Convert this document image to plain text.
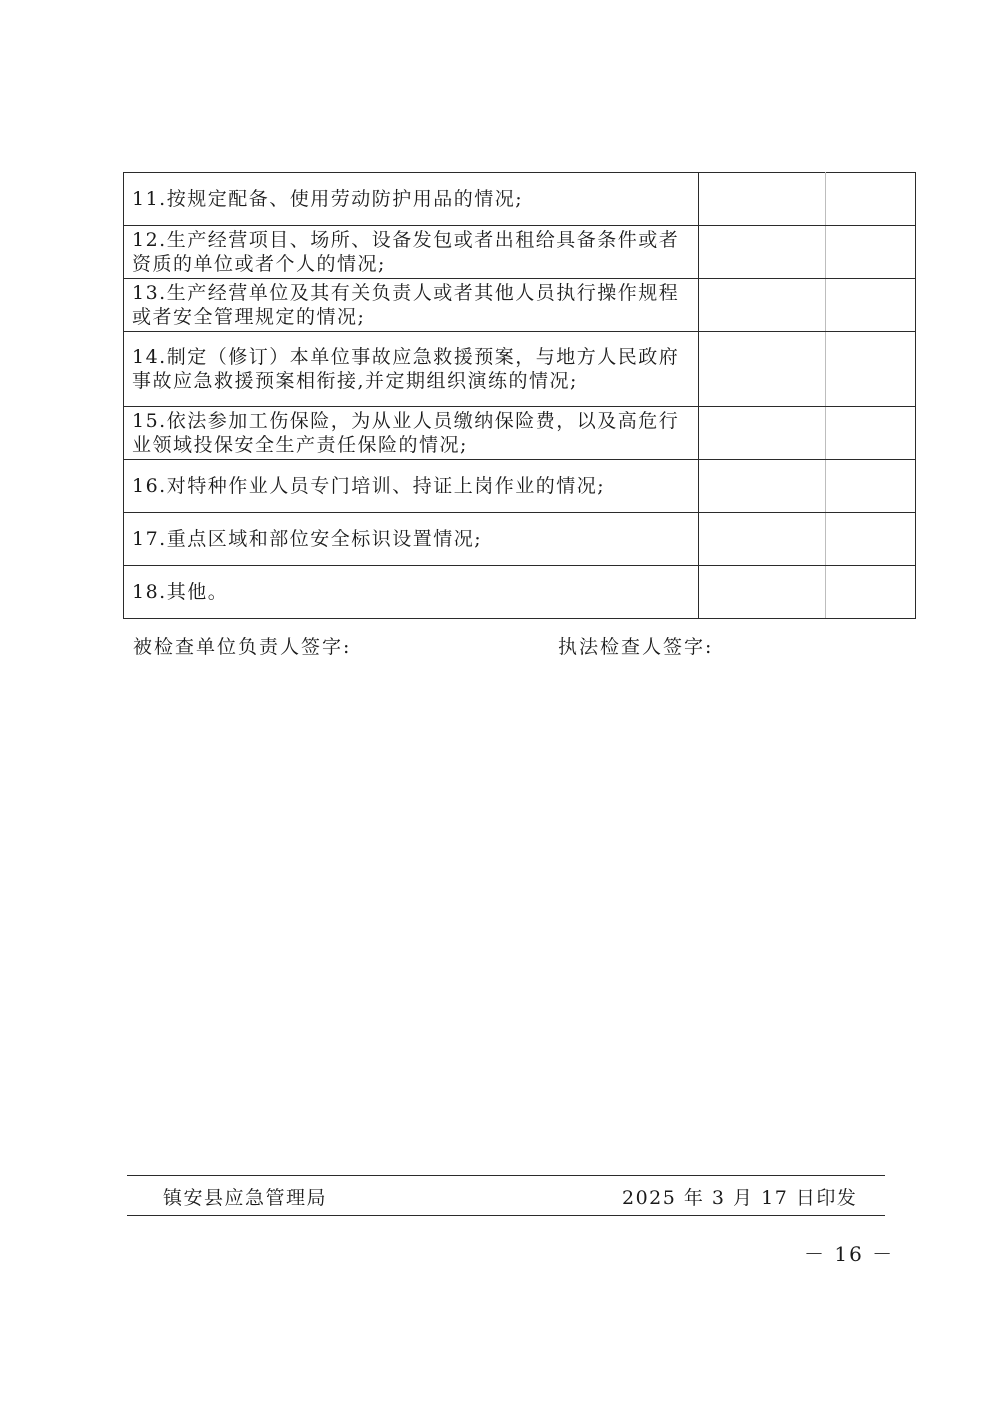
11.按规定配备、使用劳动防护用品的情况;		
12.生产经营项目、场所、设备发包或者出租给具备条件或者资质的单位或者个人的情况;		
13.生产经营单位及其有关负责人或者其他人员执行操作规程或者安全管理规定的情况;		
14.制定（修订）本单位事故应急救援预案，与地方人民政府事故应急救援预案相衔接,并定期组织演练的情况;		
15.依法参加工伤保险，为从业人员缴纳保险费，以及高危行业领域投保安全生产责任保险的情况;		
16.对特种作业人员专门培训、持证上岗作业的情况;		
17.重点区域和部位安全标识设置情况;		
18.其他。		
被检查单位负责人签字:	执法检查人签字:
镇安县应急管理局	2025 年 3 月 17 日印发
－ 16 －
